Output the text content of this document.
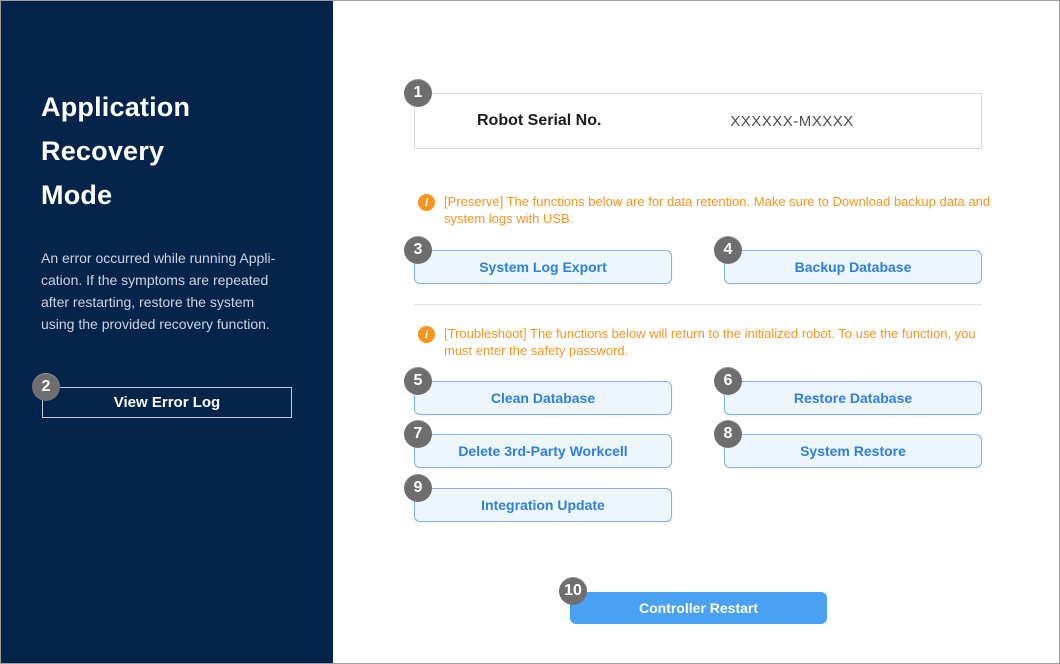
Application
Recovery
Mode
An error occurred while running Appli-
cation. If the symptoms are repeated
after restarting, restore the system
using the provided recovery function.
2
View Error Log
1
Robot Serial No.	XXXXXX-MXXXX
i	[Preserve] The functions below are for data retention. Make sure to Download backup data and
system logs with USB.
3
System Log Export
4
Backup Database
i	[Troubleshoot] The functions below will return to the initialized robot. To use the function, you
must enter the safety password.
5
Clean Database
6
Restore Database
7
Delete 3rd-Party Workcell
8
System Restore
9
Integration Update
10
Controller Restart
